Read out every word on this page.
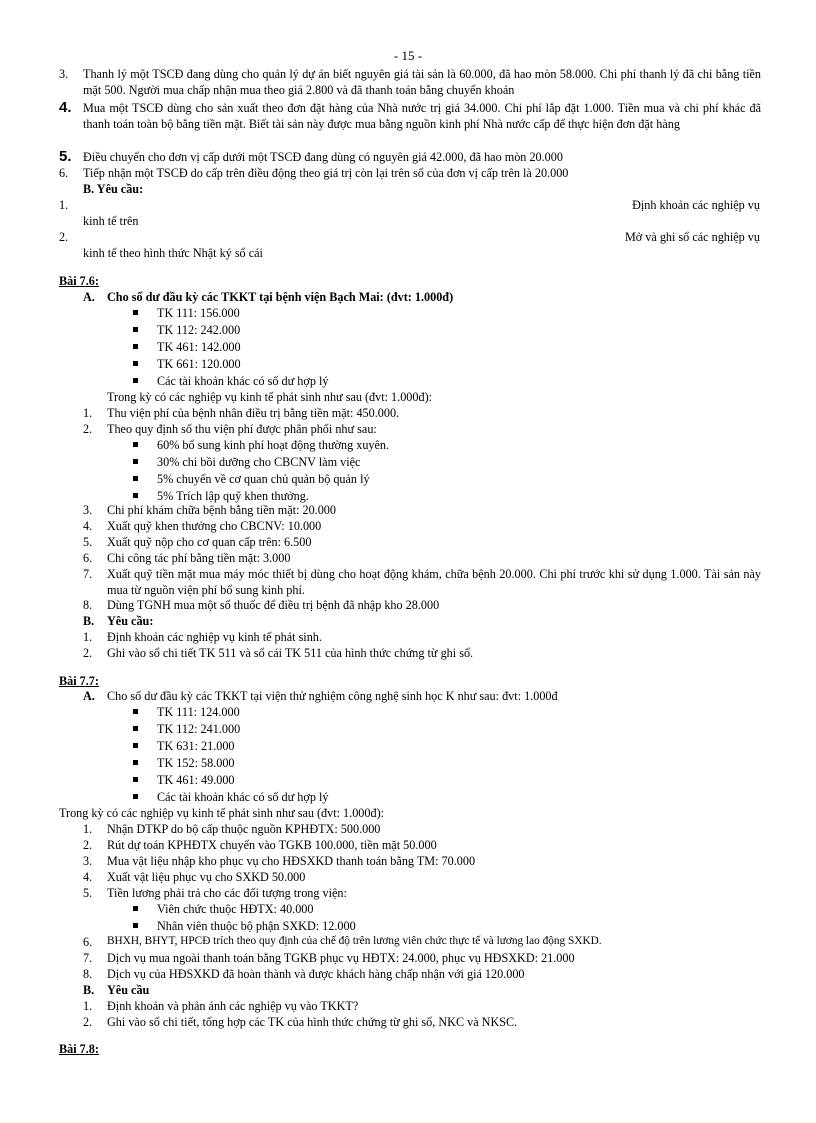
- 15 -
3. Thanh lý một TSCĐ đang dùng cho quản lý dự án biết nguyên giá tài sản là 60.000, đã hao mòn 58.000. Chi phí thanh lý đã chi bằng tiền mặt 500. Người mua chấp nhận mua theo giá 2.800 và đã thanh toán bằng chuyển khoản
4. Mua một TSCĐ dùng cho sản xuất theo đơn đặt hàng của Nhà nước trị giá 34.000. Chi phí lắp đặt 1.000. Tiền mua và chi phí khác đã thanh toán toàn bộ bằng tiền mặt. Biết tài sản này được mua bằng nguồn kinh phí Nhà nước cấp để thực hiện đơn đặt hàng
5. Điều chuyển cho đơn vị cấp dưới một TSCĐ đang dùng có nguyên giá 42.000, đã hao mòn 20.000
6. Tiếp nhận một TSCĐ do cấp trên điều động theo giá trị còn lại trên sổ của đơn vị cấp trên là 20.000
B. Yêu cầu:
1.	Định khoản các nghiệp vụ
kinh tế trên
2.	Mở và ghi sổ các nghiệp vụ
kinh tế theo hình thức Nhật ký sổ cái
Bài 7.6:
A. Cho số dư đầu kỳ các TKKT tại bệnh viện Bạch Mai: (đvt: 1.000đ)
TK 111: 156.000
TK 112: 242.000
TK 461: 142.000
TK 661: 120.000
Các tài khoản khác có số dư hợp lý
Trong kỳ có các nghiệp vụ kinh tế phát sinh như sau (đvt: 1.000đ):
1. Thu viện phí của bệnh nhân điều trị bằng tiền mặt: 450.000.
2. Theo quy định số thu viện phí được phân phối như sau:
60% bổ sung kinh phí hoạt động thường xuyên.
30% chi bồi dưỡng cho CBCNV làm việc
5% chuyển về cơ quan chủ quản bộ quản lý
5% Trích lập quỹ khen thưởng.
3. Chi phí khám chữa bệnh bằng tiền mặt: 20.000
4. Xuất quỹ khen thưởng cho CBCNV: 10.000
5. Xuất quỹ nộp cho cơ quan cấp trên: 6.500
6. Chi công tác phí bằng tiền mặt: 3.000
7. Xuất quỹ tiền mặt mua máy móc thiết bị dùng cho hoạt động khám, chữa bệnh 20.000. Chi phí trước khi sử dụng 1.000. Tài sản này mua từ nguồn viện phí bổ sung kinh phí.
8. Dùng TGNH mua một số thuốc để điều trị bệnh đã nhập kho 28.000
B. Yêu cầu:
1. Định khoản các nghiệp vụ kinh tế phát sinh.
2. Ghi vào sổ chi tiết TK 511 và sổ cái TK 511 của hình thức chứng từ ghi sổ.
Bài 7.7:
A. Cho số dư đầu kỳ các TKKT tại viện thử nghiệm công nghệ sinh học K như sau: đvt: 1.000đ
TK 111: 124.000
TK 112: 241.000
TK 631: 21.000
TK 152: 58.000
TK 461: 49.000
Các tài khoản khác có số dư hợp lý
Trong kỳ có các nghiệp vụ kinh tế phát sinh như sau (đvt: 1.000đ):
1. Nhận DTKP do bộ cấp thuộc nguồn KPHĐTX: 500.000
2. Rút dự toán KPHĐTX chuyển vào TGKB 100.000, tiền mặt 50.000
3. Mua vật liệu nhập kho phục vụ cho HĐSXKD thanh toán bằng TM: 70.000
4. Xuất vật liệu phục vụ cho SXKD 50.000
5. Tiền lương phải trả cho các đối tượng trong viện:
Viên chức thuộc HĐTX: 40.000
Nhân viên thuộc bộ phận SXKD: 12.000
6. BHXH, BHYT, HPCĐ trích theo quy định của chế độ trên lương viên chức thực tế và lương lao động SXKD.
7. Dịch vụ mua ngoài thanh toán bằng TGKB phục vụ HĐTX: 24.000, phục vụ HĐSXKD: 21.000
8. Dịch vụ của HĐSXKD đã hoàn thành và được khách hàng chấp nhận với giá 120.000
B. Yêu cầu
1. Định khoản và phản ánh các nghiệp vụ vào TKKT?
2. Ghi vào sổ chi tiết, tổng hợp các TK của hình thức chứng từ ghi sổ, NKC và NKSC.
Bài 7.8:
